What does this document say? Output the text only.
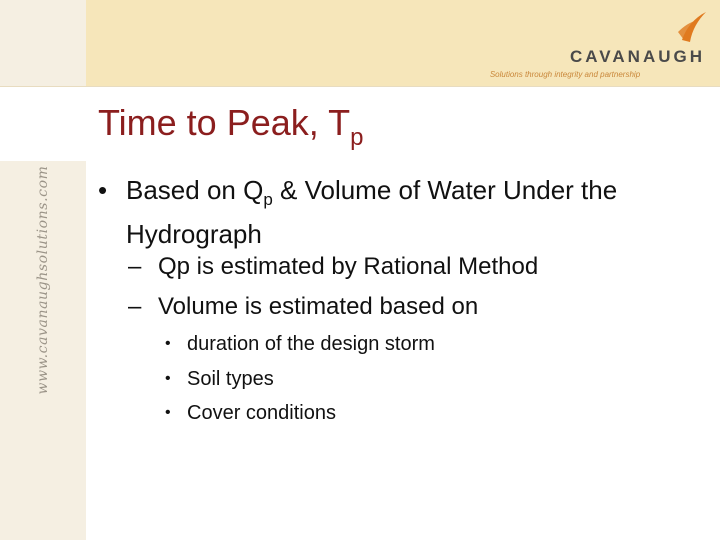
www.cavanaughsolutions.com
CAVANAUGH
Solutions through integrity and partnership
Time to Peak, $T_p$
• Based on $Q_p$ & Volume of Water Under the Hydrograph
– Qp is estimated by Rational Method
– Volume is estimated based on
• duration of the design storm
• Soil types
• Cover conditions
